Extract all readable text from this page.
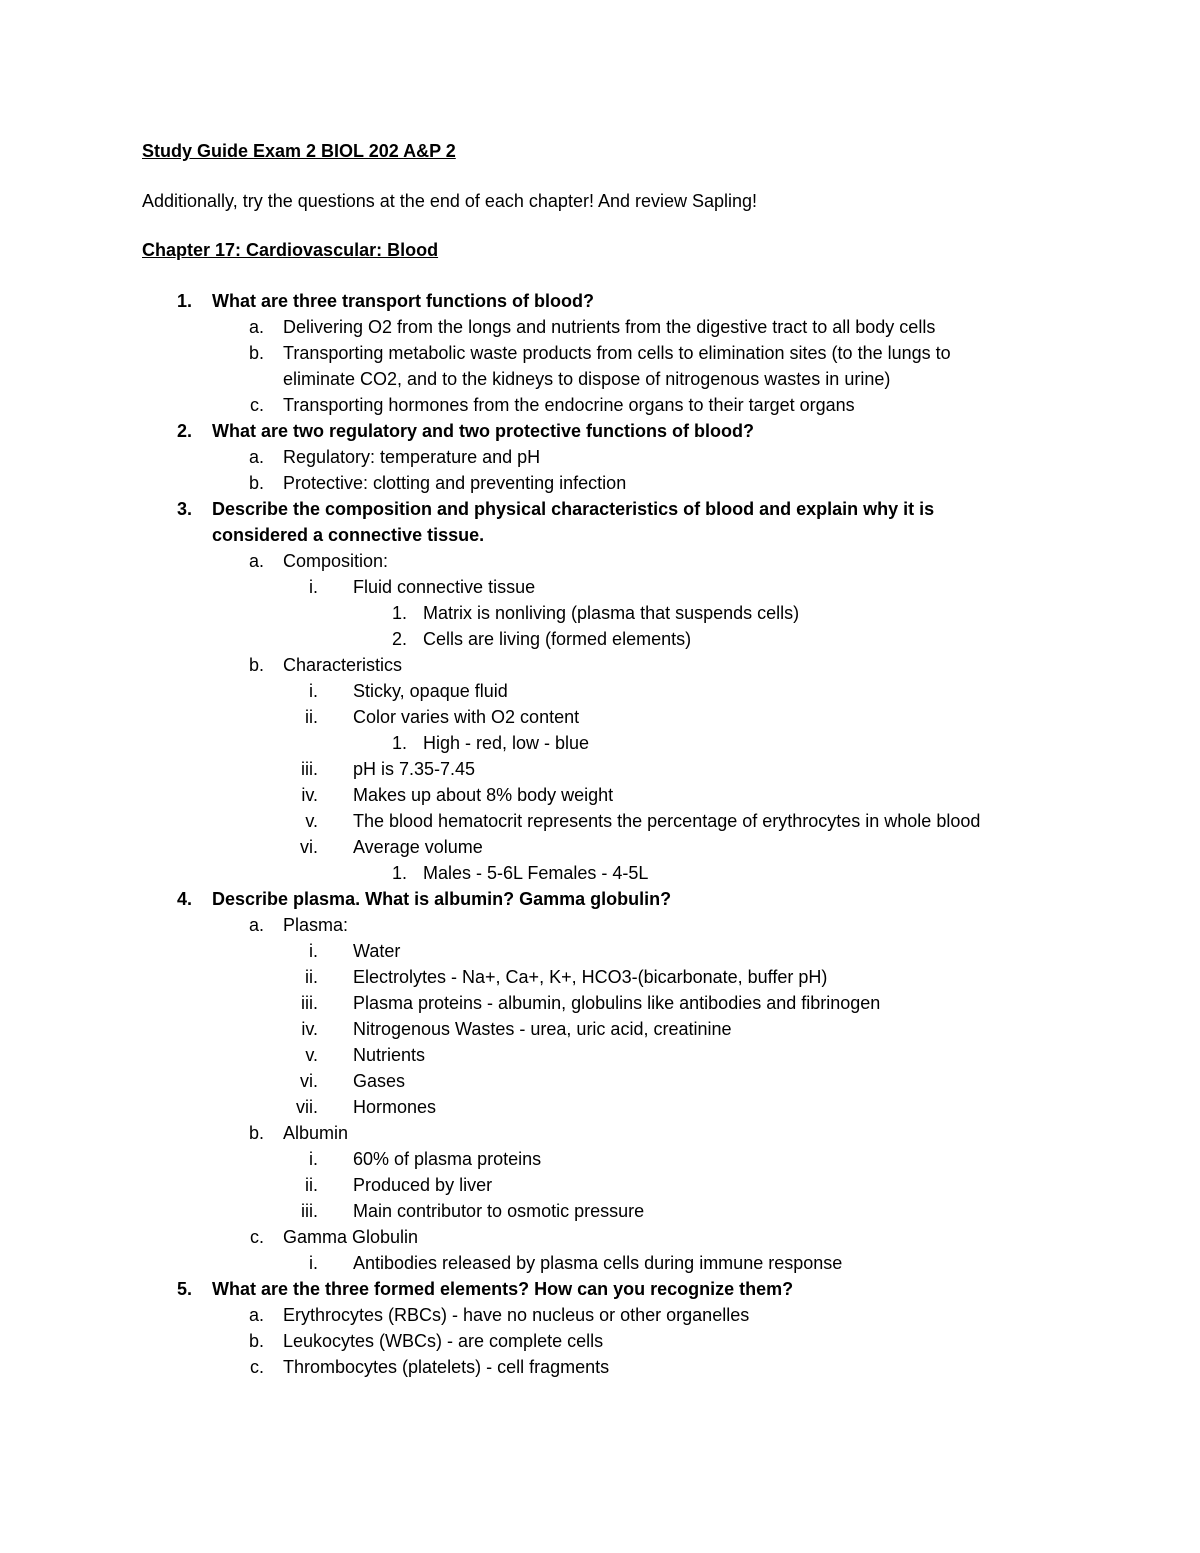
Study Guide Exam 2 BIOL 202 A&P 2
Additionally, try the questions at the end of each chapter! And review Sapling!
Chapter 17: Cardiovascular: Blood
1. What are three transport functions of blood?
a. Delivering O2 from the longs and nutrients from the digestive tract to all body cells
b. Transporting metabolic waste products from cells to elimination sites (to the lungs to
eliminate CO2, and to the kidneys to dispose of nitrogenous wastes in urine)
c. Transporting hormones from the endocrine organs to their target organs
2. What are two regulatory and two protective functions of blood?
a. Regulatory: temperature and pH
b. Protective: clotting and preventing infection
3. Describe the composition and physical characteristics of blood and explain why it is
considered a connective tissue.
a. Composition:
i. Fluid connective tissue
1. Matrix is nonliving (plasma that suspends cells)
2. Cells are living (formed elements)
b. Characteristics
i. Sticky, opaque fluid
ii. Color varies with O2 content
1. High - red, low - blue
iii. pH is 7.35-7.45
iv. Makes up about 8% body weight
v. The blood hematocrit represents the percentage of erythrocytes in whole blood
vi. Average volume
1. Males - 5-6L Females - 4-5L
4. Describe plasma. What is albumin? Gamma globulin?
a. Plasma:
i. Water
ii. Electrolytes - Na+, Ca+, K+, HCO3-(bicarbonate, buffer pH)
iii. Plasma proteins - albumin, globulins like antibodies and fibrinogen
iv. Nitrogenous Wastes - urea, uric acid, creatinine
v. Nutrients
vi. Gases
vii. Hormones
b. Albumin
i. 60% of plasma proteins
ii. Produced by liver
iii. Main contributor to osmotic pressure
c. Gamma Globulin
i. Antibodies released by plasma cells during immune response
5. What are the three formed elements? How can you recognize them?
a. Erythrocytes (RBCs) - have no nucleus or other organelles
b. Leukocytes (WBCs) - are complete cells
c. Thrombocytes (platelets) - cell fragments
